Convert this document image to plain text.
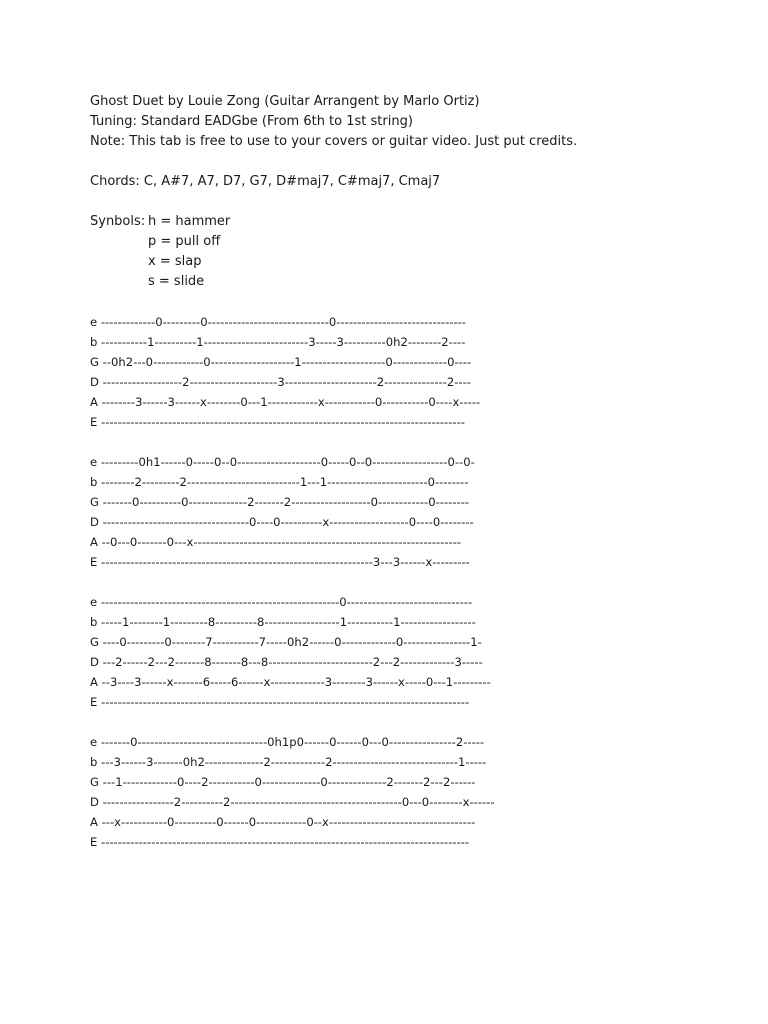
Ghost Duet by Louie Zong (Guitar Arrangent by Marlo Ortiz)
Tuning: Standard EADGbe (From 6th to 1st string)
Note: This tab is free to use to your covers or guitar video. Just put credits.
Chords: C, A#7, A7, D7, G7, D#maj7, C#maj7, Cmaj7
Synbols:
h = hammer
p = pull off
x = slap
s = slide
e -------------0---------0-----------------------------0-------------------------------
b -----------1----------1-------------------------3-----3----------0h2--------2----
G --0h2---0------------0--------------------1--------------------0-------------0----
D -------------------2---------------------3----------------------2---------------2----
A --------3------3------x--------0---1------------x------------0-----------0----x-----
E ---------------------------------------------------------------------------------------
e ---------0h1------0-----0--0--------------------0-----0--0------------------0--0-
b --------2---------2---------------------------1---1------------------------0--------
G -------0----------0--------------2-------2-------------------0------------0--------
D -----------------------------------0----0----------x-------------------0----0--------
A --0---0-------0---x----------------------------------------------------------------
E -----------------------------------------------------------------3---3------x---------
e ---------------------------------------------------------0------------------------------
b -----1--------1---------8----------8------------------1-----------1------------------
G ----0---------0--------7-----------7-----0h2------0-------------0----------------1-
D ---2------2---2-------8-------8---8-------------------------2---2-------------3-----
A --3----3------x-------6-----6------x-------------3--------3------x-----0---1---------
E ----------------------------------------------------------------------------------------
e -------0-------------------------------0h1p0------0------0---0----------------2-----
b ---3------3-------0h2--------------2-------------2------------------------------1-----
G ---1-------------0----2-----------0--------------0--------------2-------2---2------
D -----------------2----------2-----------------------------------------0---0--------x------
A ---x-----------0----------0------0------------0--x-----------------------------------
E ----------------------------------------------------------------------------------------
